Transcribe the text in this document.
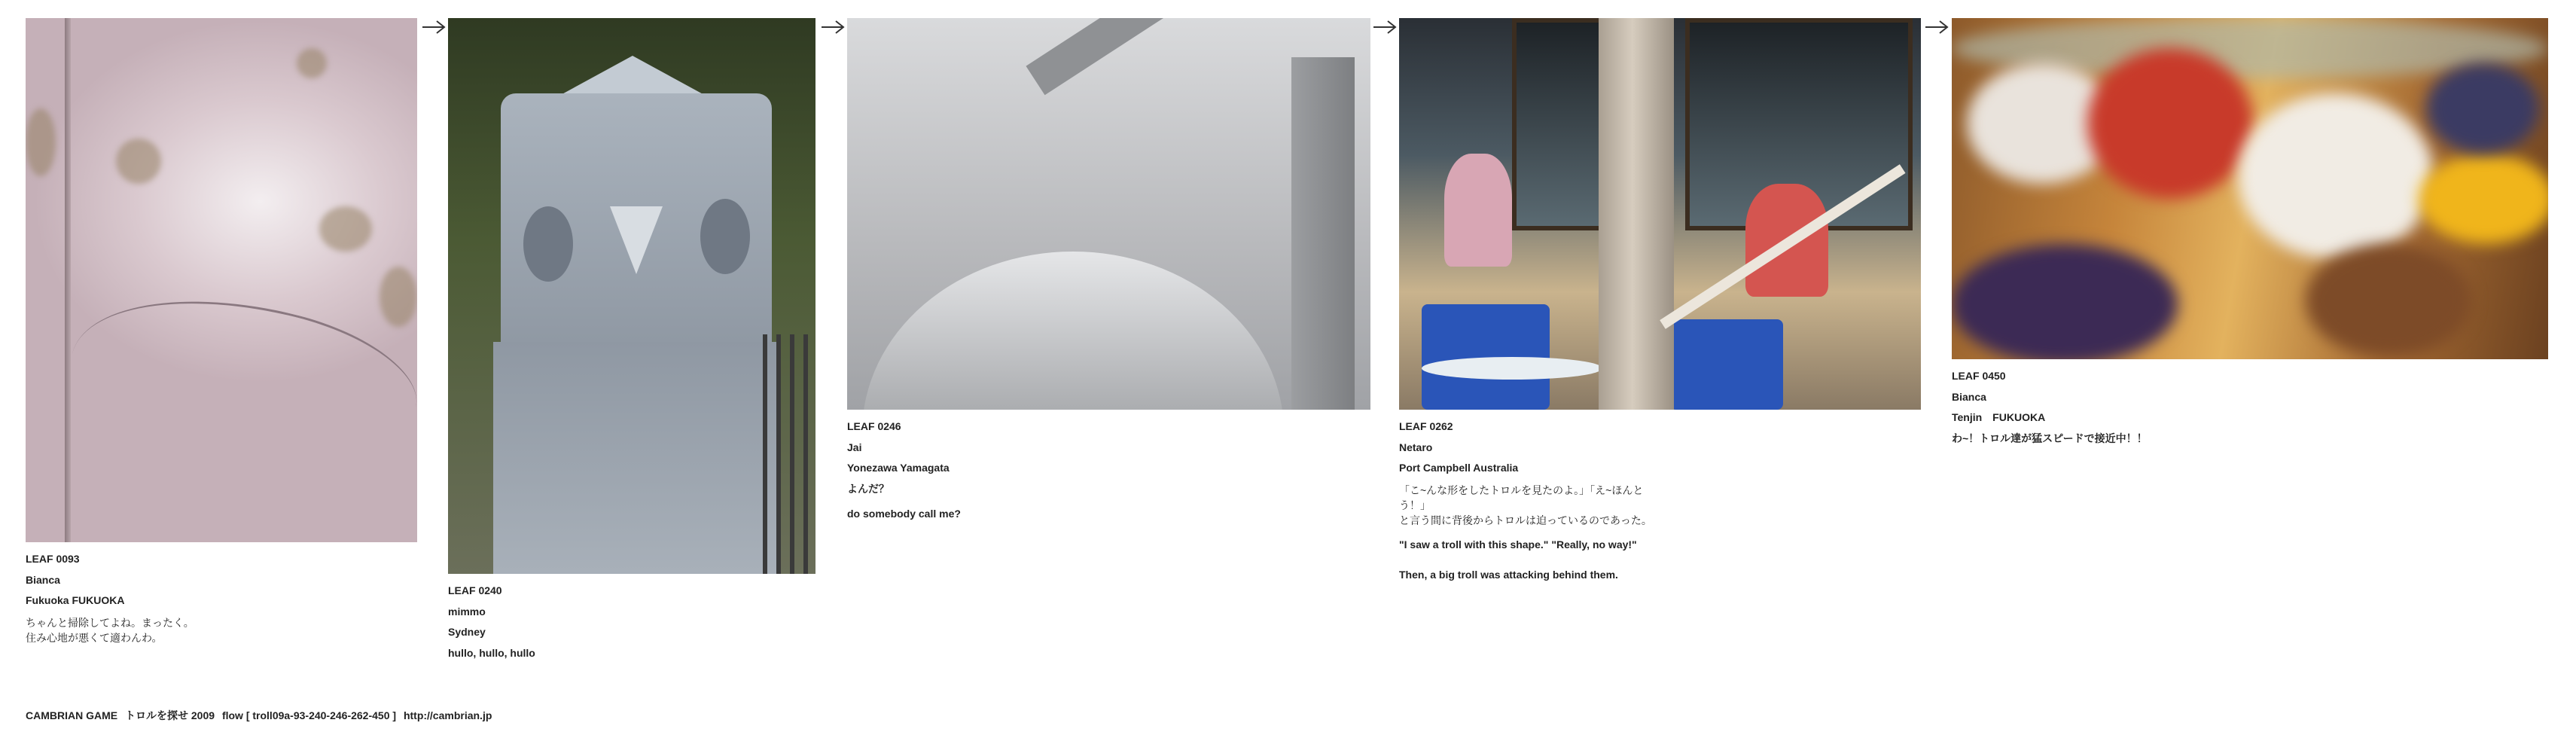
LEAF 0093
Bianca
Fukuoka FUKUOKA
ちゃんと掃除してよね。まったく。
住み心地が悪くて適わんわ。
LEAF 0240
mimmo
Sydney
hullo, hullo, hullo
LEAF 0246
Jai
Yonezawa Yamagata
よんだ？
do somebody call me?
LEAF 0262
Netaro
Port Campbell Australia
「こ~んな形をしたトロルを見たのよ。」「え~ほんとう！」
と言う間に背後からトロルは迫っているのであった。
"I saw a troll with this shape." "Really, no way!"
Then, a big troll was attacking behind them.
LEAF 0450
Bianca
Tenjin　FUKUOKA
わ~！トロル達が猛スピードで接近中！！
CAMBRIAN GAME トロルを探せ 2009 flow [ troll09a-93-240-246-262-450 ] http://cambrian.jp
